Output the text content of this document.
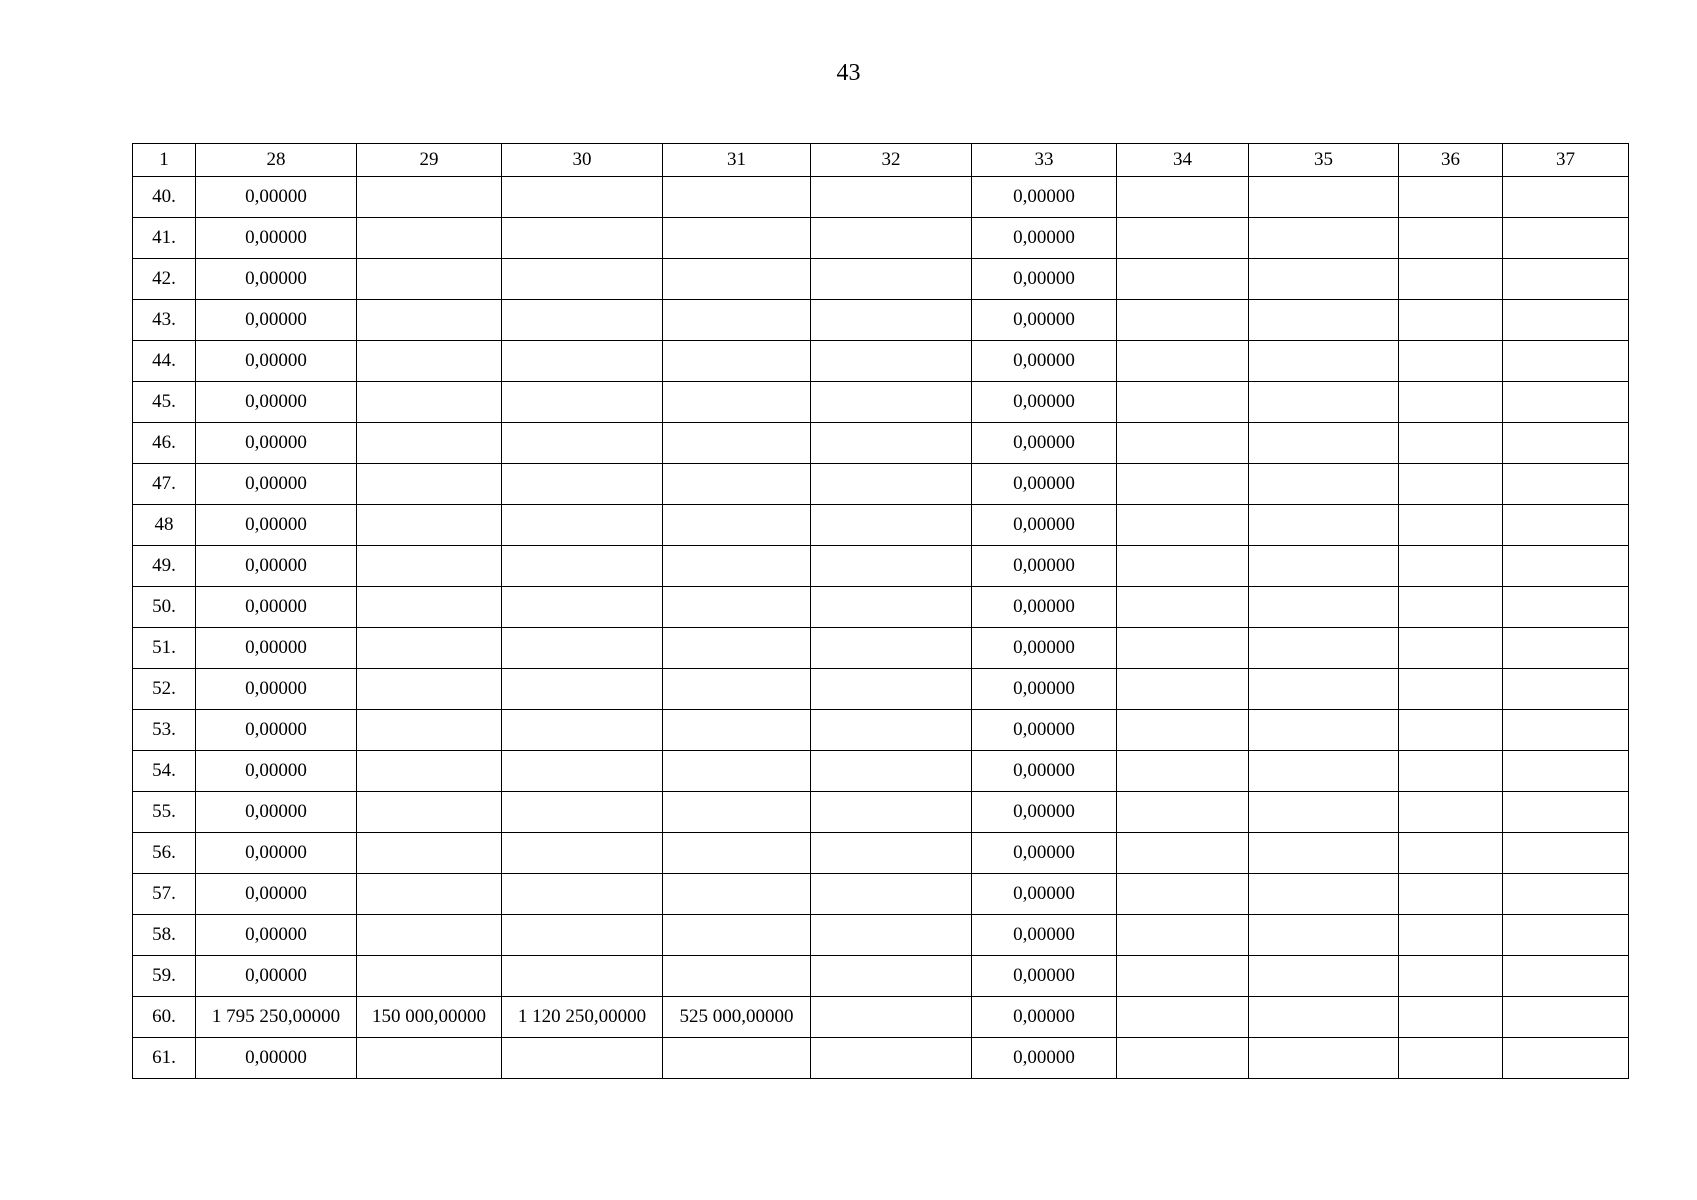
43
1	28	29	30	31	32	33	34	35	36	37
40.	0,00000					0,00000				
41.	0,00000					0,00000				
42.	0,00000					0,00000				
43.	0,00000					0,00000				
44.	0,00000					0,00000				
45.	0,00000					0,00000				
46.	0,00000					0,00000				
47.	0,00000					0,00000				
48	0,00000					0,00000				
49.	0,00000					0,00000				
50.	0,00000					0,00000				
51.	0,00000					0,00000				
52.	0,00000					0,00000				
53.	0,00000					0,00000				
54.	0,00000					0,00000				
55.	0,00000					0,00000				
56.	0,00000					0,00000				
57.	0,00000					0,00000				
58.	0,00000					0,00000				
59.	0,00000					0,00000				
60.	1 795 250,00000	150 000,00000	1 120 250,00000	525 000,00000		0,00000				
61.	0,00000					0,00000				
